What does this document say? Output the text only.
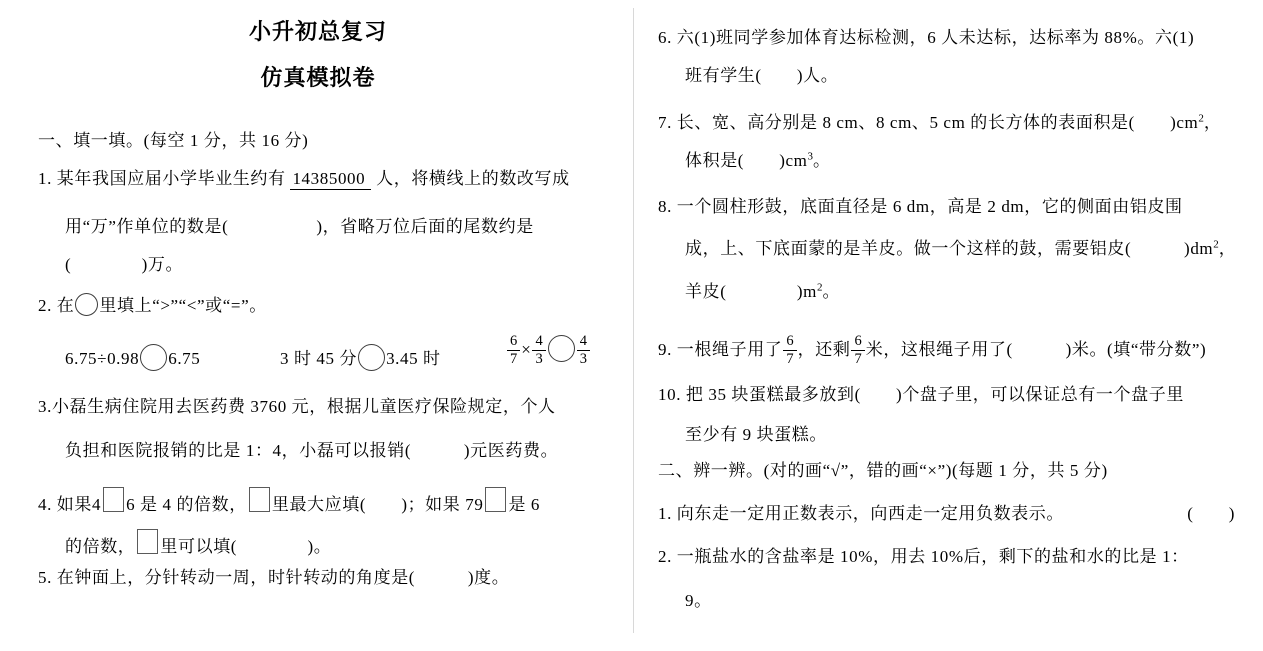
小升初总复习
仿真模拟卷
一、填一填。(每空 1 分，共 16 分)
1. 某年我国应届小学毕业生约有 14385000 人，将横线上的数改写成
用“万”作单位的数是(　　　　　)，省略万位后面的尾数约是
(　　　　)万。
2. 在 里填上“>”“<”或“=”。
6.75÷0.98 6.75	3 时 45 分 3.45 时	$\frac{6}{7} \times \frac{4}{3} \frac{4}{3}$
3.小磊生病住院用去医药费 3760 元，根据儿童医疗保险规定，个人
负担和医院报销的比是 1：4，小磊可以报销(　　　)元医药费。
4. 如果4 6 是 4 的倍数， 里最大应填(　　)；如果 79 是 6
的倍数， 里可以填(　　　　)。
5. 在钟面上，分针转动一周，时针转动的角度是(　　　)度。
6. 六(1)班同学参加体育达标检测，6 人未达标，达标率为 88%。六(1)
班有学生(　　)人。
7. 长、宽、高分别是 8 cm、8 cm、5 cm 的长方体的表面积是(　　)$cm^2$，
体积是(　　)$cm^3$。
8. 一个圆柱形鼓，底面直径是 6 dm，高是 2 dm，它的侧面由铝皮围
成，上、下底面蒙的是羊皮。做一个这样的鼓，需要铝皮(　　　)$dm^2$，
羊皮(　　　　)$m^2$。
9. 一根绳子用了 $\frac{6}{7}$ ，还剩 $\frac{6}{7}$ 米，这根绳子用了(　　　)米。(填“带分数”)
10. 把 35 块蛋糕最多放到(　　)个盘子里，可以保证总有一个盘子里
至少有 9 块蛋糕。
二、辨一辨。(对的画“√”，错的画“×”)(每题 1 分，共 5 分)
1. 向东走一定用正数表示，向西走一定用负数表示。	(　　)
2. 一瓶盐水的含盐率是 10%，用去 10%后，剩下的盐和水的比是 1：
9。
